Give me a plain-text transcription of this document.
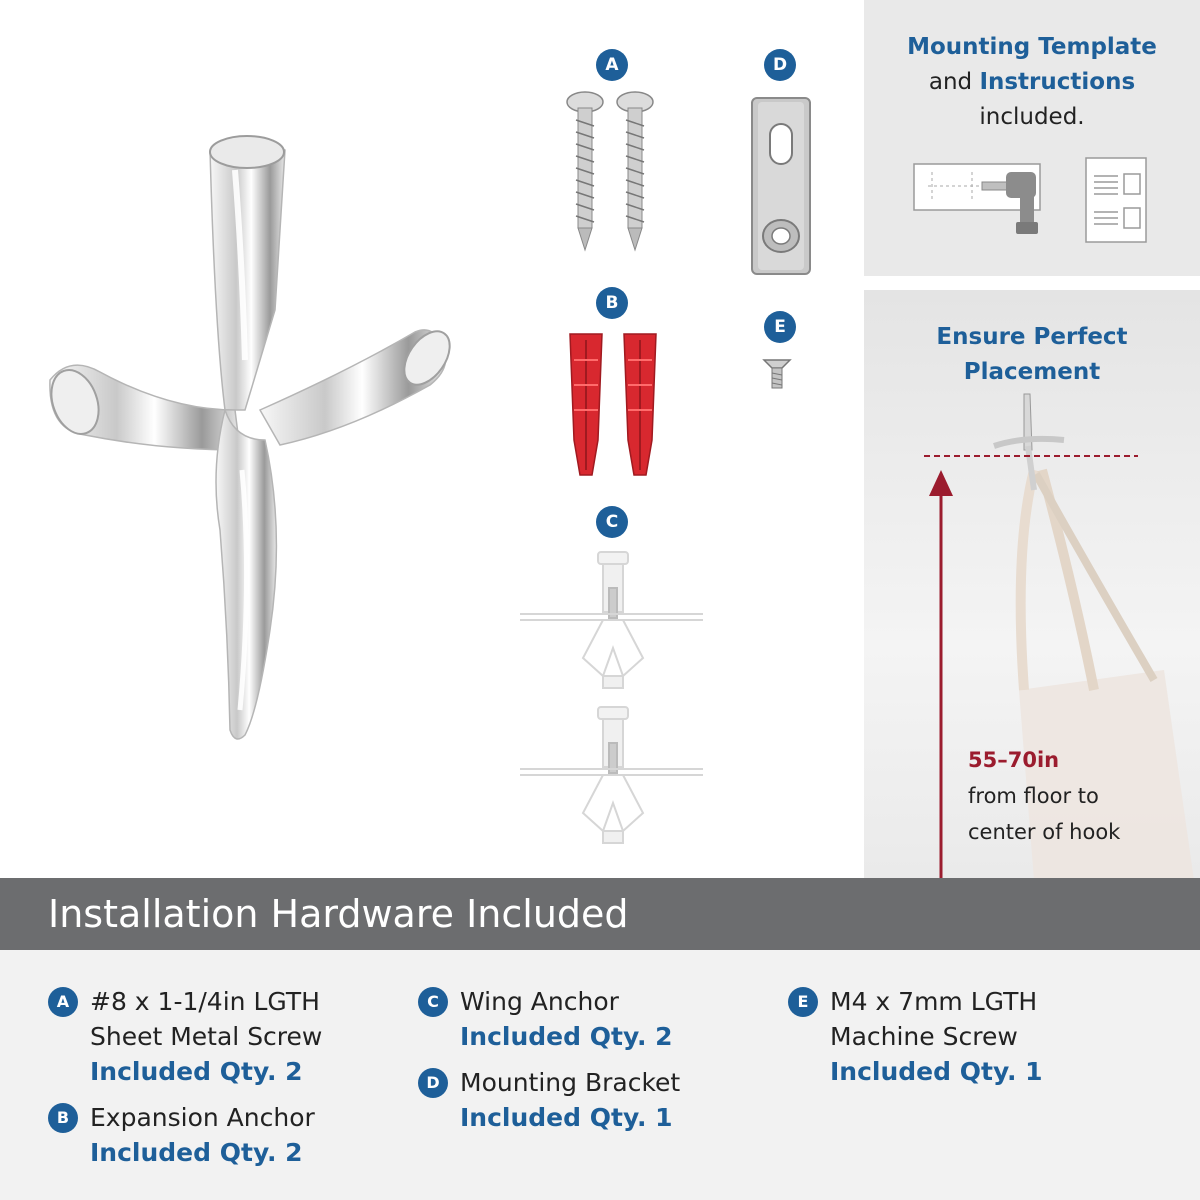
A	D
B
E
C
Mounting Template
and Instructions
included.
Ensure Perfect
Placement
55–70in
from floor to
center of hook
Installation Hardware Included
A #8 x 1-1/4in LGTH
Sheet Metal Screw
Included Qty. 2
B Expansion Anchor
Included Qty. 2
C Wing Anchor
Included Qty. 2
D Mounting Bracket
Included Qty. 1
E M4 x 7mm LGTH
Machine Screw
Included Qty. 1
